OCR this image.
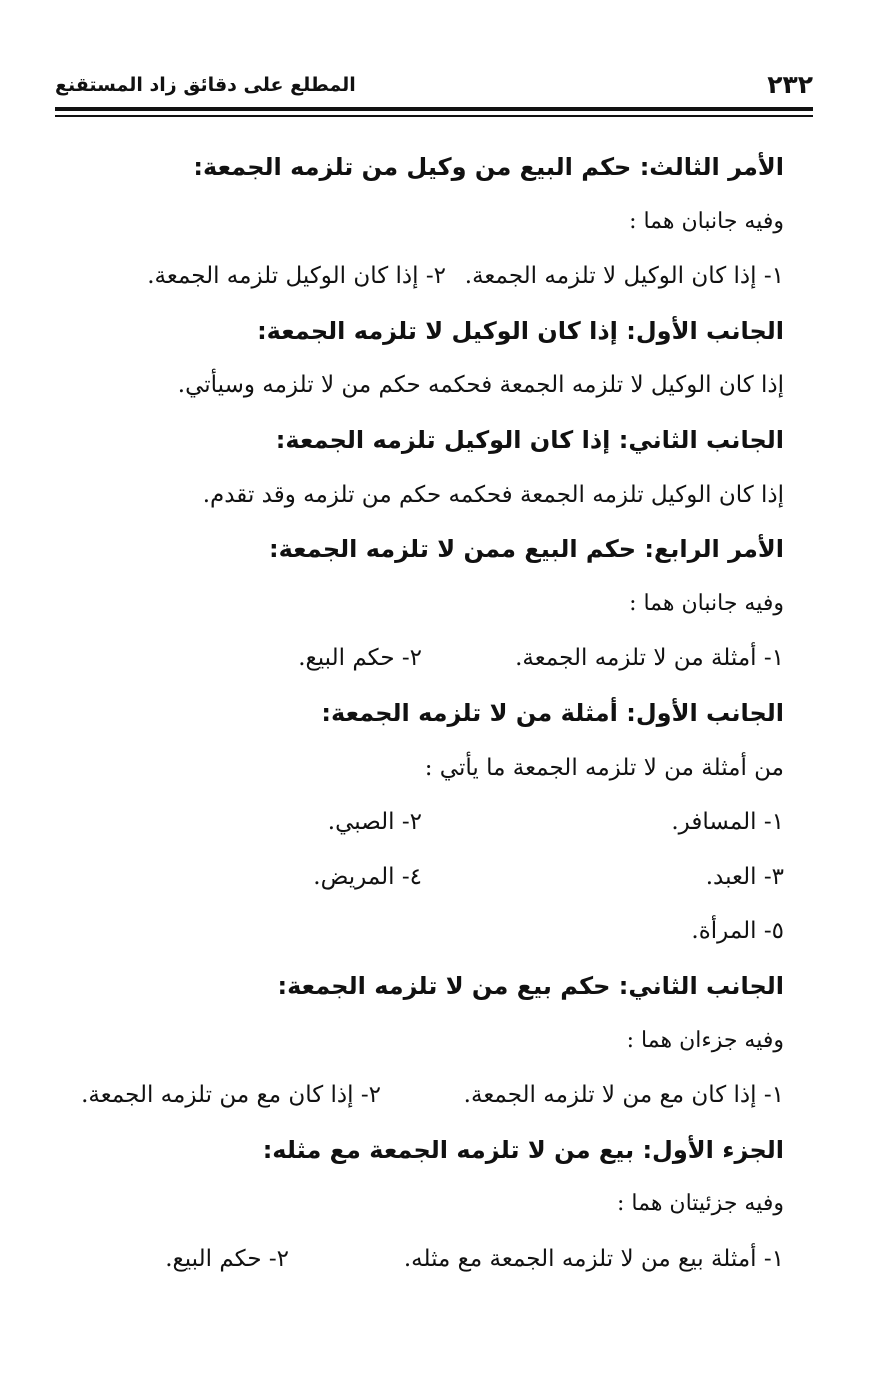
٢٣٢
المطلع على دقائق زاد المستقنع
الأمر الثالث: حكم البيع من وكيل من تلزمه الجمعة:
وفيه جانبان هما :
١- إذا كان الوكيل لا تلزمه الجمعة.
٢- إذا كان الوكيل تلزمه الجمعة.
الجانب الأول: إذا كان الوكيل لا تلزمه الجمعة:
إذا كان الوكيل لا تلزمه الجمعة فحكمه حكم من لا تلزمه وسيأتي.
الجانب الثاني: إذا كان الوكيل تلزمه الجمعة:
إذا كان الوكيل تلزمه الجمعة فحكمه حكم من تلزمه وقد تقدم.
الأمر الرابع: حكم البيع ممن لا تلزمه الجمعة:
وفيه جانبان هما :
١- أمثلة من لا تلزمه الجمعة.
٢- حكم البيع.
الجانب الأول: أمثلة من لا تلزمه الجمعة:
من أمثلة من لا تلزمه الجمعة ما يأتي :
١- المسافر.
٢- الصبي.
٣- العبد.
٤- المريض.
٥- المرأة.
الجانب الثاني: حكم بيع من لا تلزمه الجمعة:
وفيه جزءان هما :
١- إذا كان مع من لا تلزمه الجمعة.
٢- إذا كان مع من تلزمه الجمعة.
الجزء الأول: بيع من لا تلزمه الجمعة مع مثله:
وفيه جزئيتان هما :
١- أمثلة بيع من لا تلزمه الجمعة مع مثله.
٢- حكم البيع.
